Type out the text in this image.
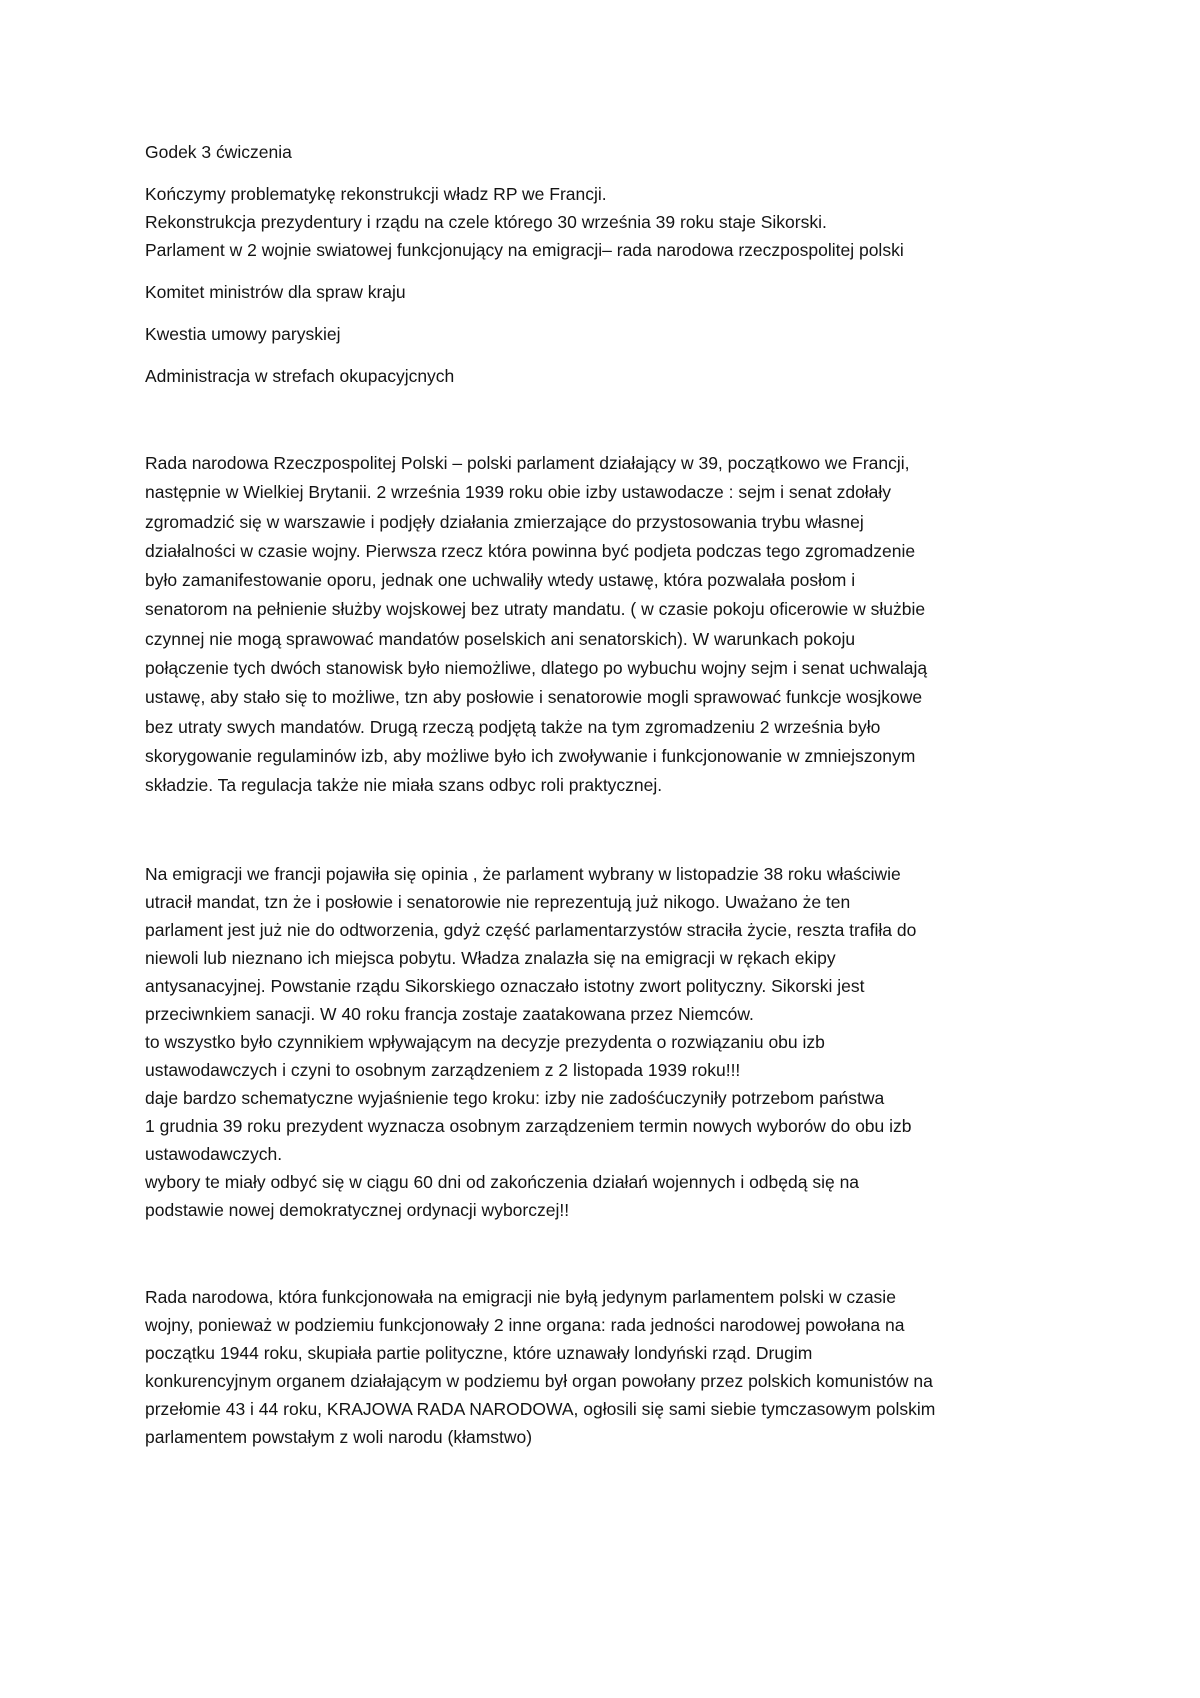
Godek 3 ćwiczenia

Kończymy problematykę rekonstrukcji władz RP we Francji.
Rekonstrukcja prezydentury i rządu na czele którego 30 września 39 roku staje Sikorski.
Parlament w 2 wojnie swiatowej funkcjonujący na emigracji– rada narodowa rzeczpospolitej polski

Komitet ministrów dla spraw kraju

Kwestia umowy paryskiej

Administracja w strefach okupacyjcnych

Rada narodowa Rzeczpospolitej Polski – polski parlament działający w 39, początkowo we Francji,
następnie w Wielkiej Brytanii. 2 września 1939 roku obie izby ustawodacze : sejm i senat zdołały
zgromadzić się w warszawie i podjęły działania zmierzające do przystosowania trybu własnej
działalności w czasie wojny. Pierwsza rzecz która powinna być podjeta podczas tego zgromadzenie
było zamanifestowanie oporu, jednak one uchwaliły wtedy ustawę, która pozwalała posłom i
senatorom na pełnienie służby wojskowej bez utraty mandatu. ( w czasie pokoju oficerowie w służbie
czynnej nie mogą sprawować mandatów poselskich ani senatorskich). W warunkach pokoju
połączenie tych dwóch stanowisk było niemożliwe, dlatego po wybuchu wojny sejm i senat uchwalają
ustawę, aby stało się to możliwe, tzn aby posłowie i senatorowie mogli sprawować funkcje wosjkowe
bez utraty swych mandatów. Drugą rzeczą podjętą także na tym zgromadzeniu 2 września było
skorygowanie regulaminów izb, aby możliwe było ich zwoływanie i funkcjonowanie w zmniejszonym
składzie. Ta regulacja także nie miała szans odbyc roli praktycznej.

Na emigracji we francji pojawiła się opinia , że parlament wybrany w listopadzie 38 roku właściwie
utracił mandat, tzn że i posłowie i senatorowie nie reprezentują już nikogo. Uważano że ten
parlament jest już nie do odtworzenia, gdyż część parlamentarzystów straciła życie, reszta trafiła do
niewoli lub nieznano ich miejsca pobytu. Władza znalazła się na emigracji w rękach ekipy
antysanacyjnej. Powstanie rządu Sikorskiego oznaczało istotny zwort polityczny. Sikorski jest
przeciwnkiem sanacji. W 40 roku francja zostaje zaatakowana przez Niemców.
to wszystko było czynnikiem wpływającym na decyzje prezydenta o rozwiązaniu obu izb
ustawodawczych i czyni to osobnym zarządzeniem z 2 listopada 1939 roku!!!
daje bardzo schematyczne wyjaśnienie tego kroku: izby nie zadośćuczyniły potrzebom państwa
1 grudnia 39 roku prezydent wyznacza osobnym zarządzeniem termin nowych wyborów do obu izb
ustawodawczych.
wybory te miały odbyć się w ciągu 60 dni od zakończenia działań wojennych i odbędą się na
podstawie nowej demokratycznej ordynacji wyborczej!!

Rada narodowa, która funkcjonowała na emigracji nie byłą jedynym parlamentem polski w czasie
wojny, ponieważ w podziemiu funkcjonowały 2 inne organa: rada jedności narodowej powołana na
początku 1944 roku, skupiała partie polityczne, które uznawały londyński rząd. Drugim
konkurencyjnym organem działającym w podziemu był organ powołany przez polskich komunistów na
przełomie 43 i 44 roku, KRAJOWA RADA NARODOWA, ogłosili się sami siebie tymczasowym polskim
parlamentem powstałym z woli narodu (kłamstwo)
